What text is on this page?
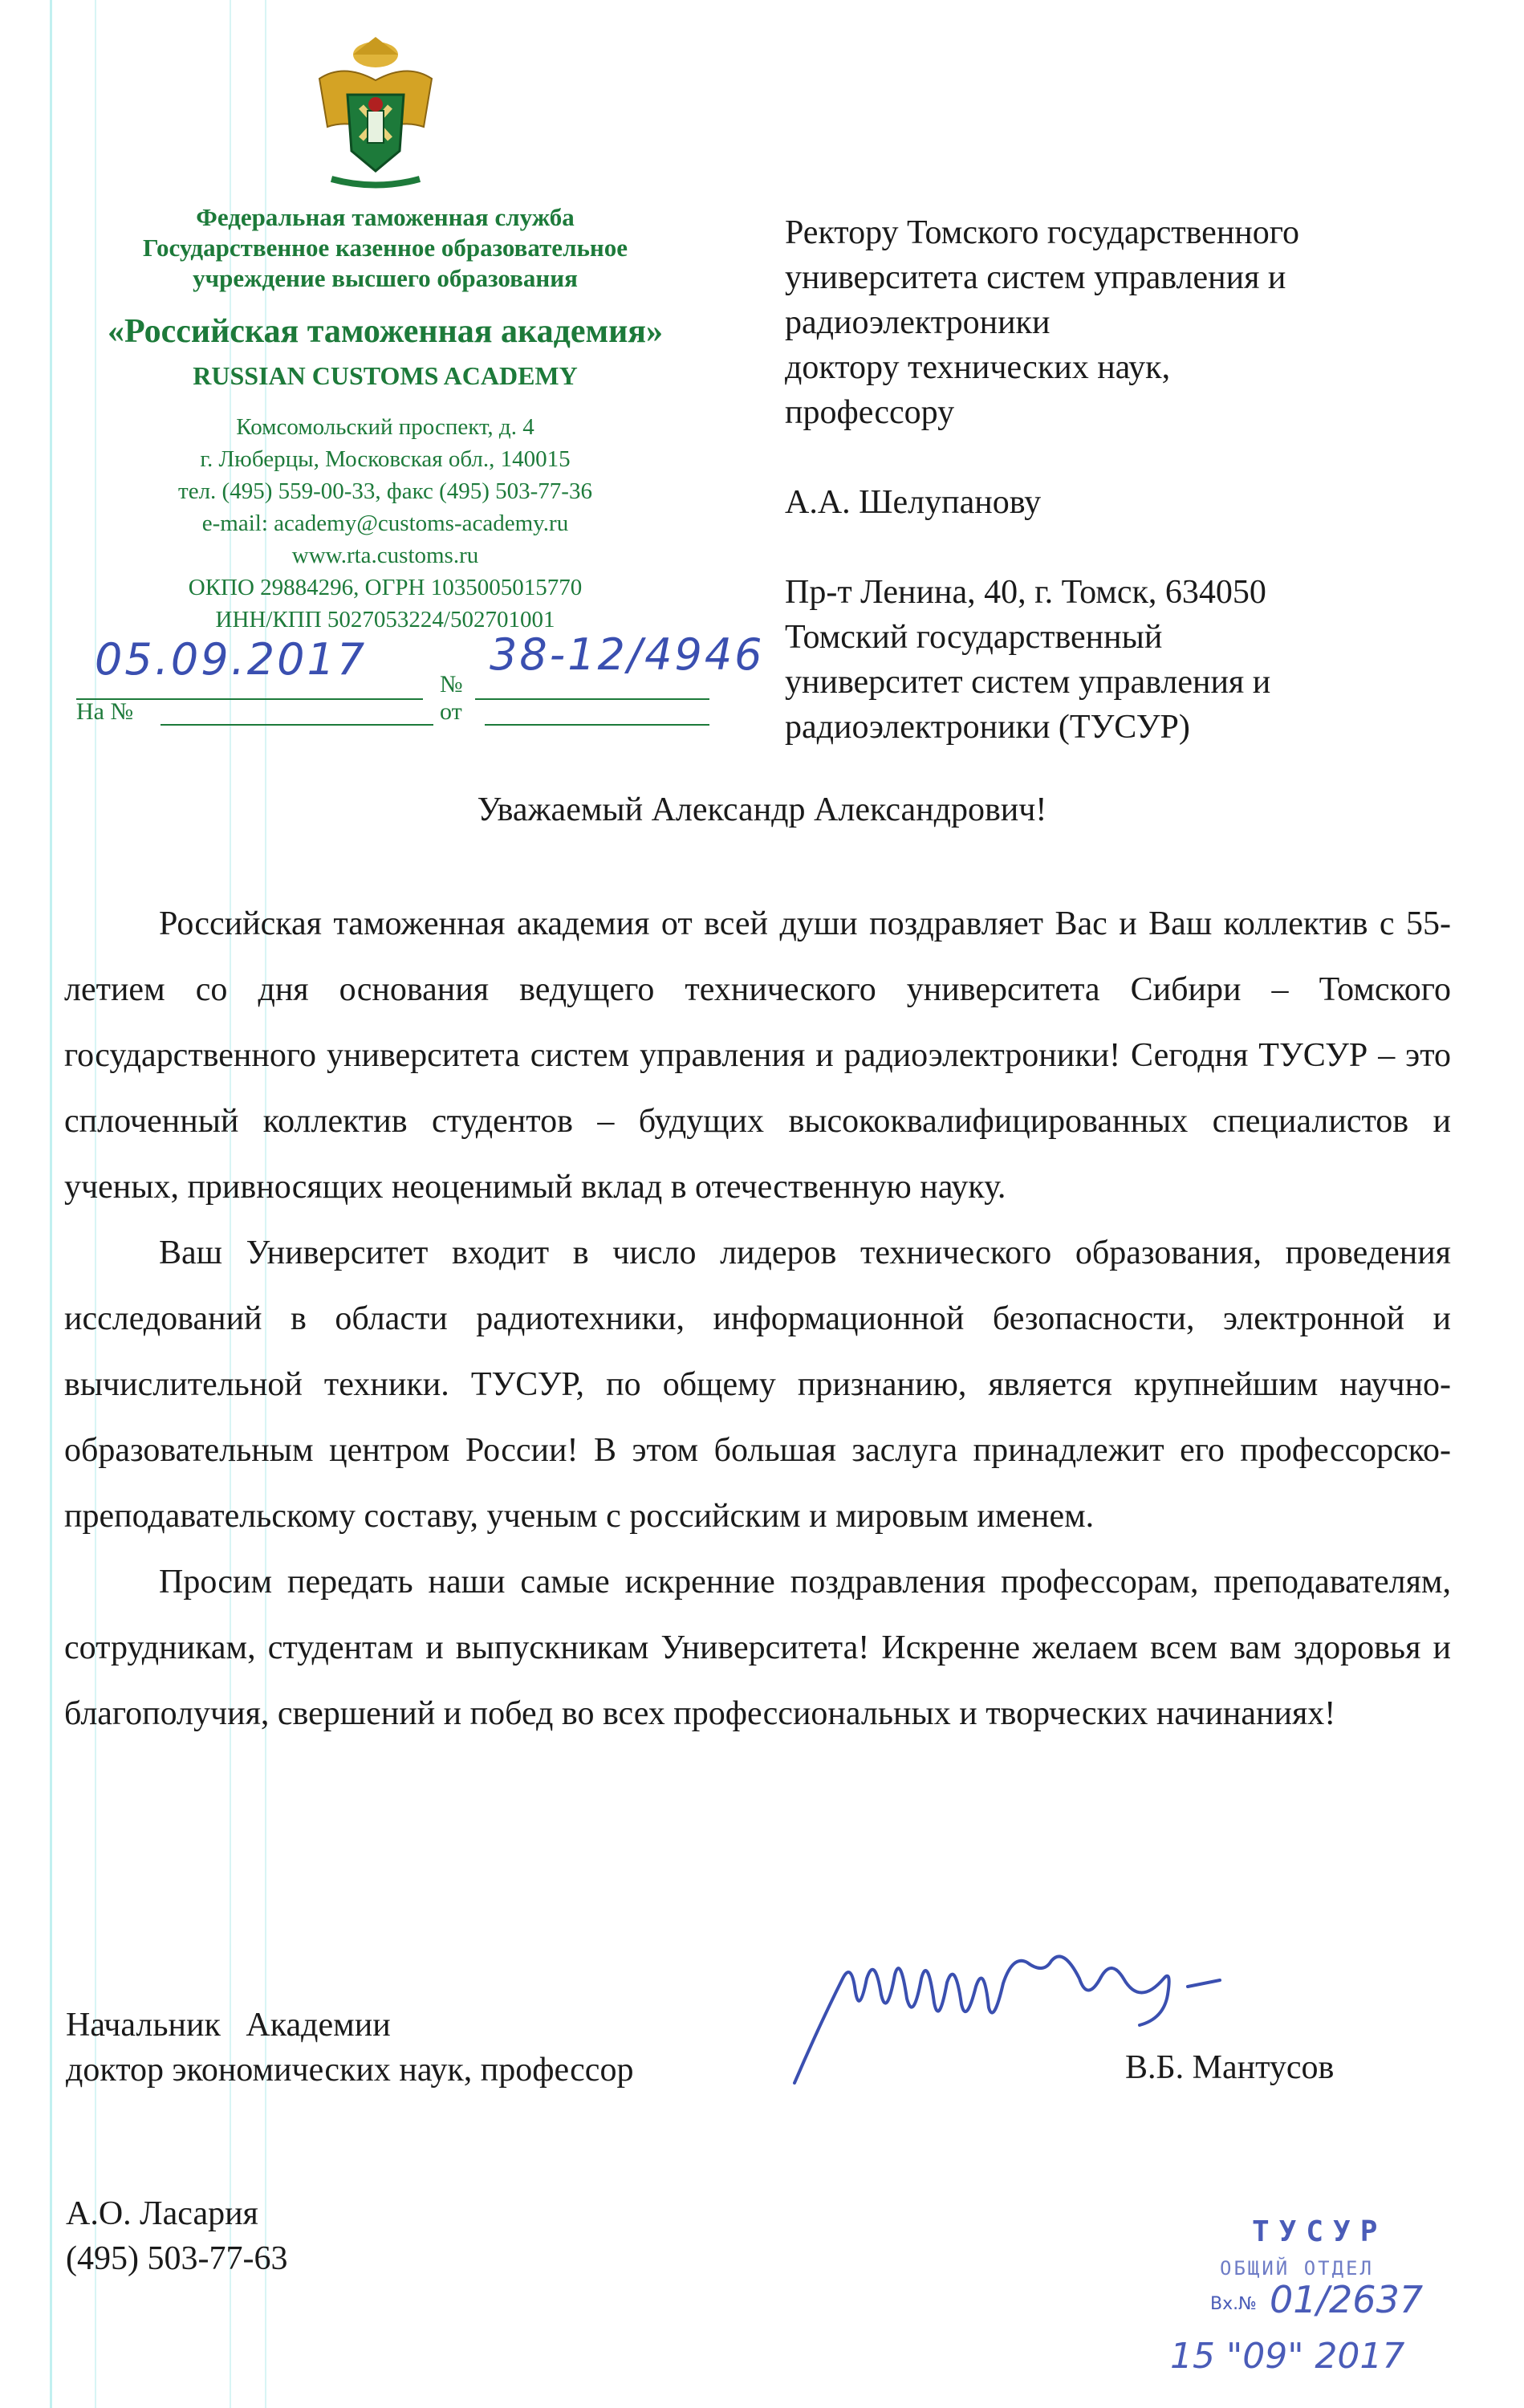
Федеральная таможенная служба
Государственное казенное образовательное
учреждение высшего образования
«Российская таможенная академия»
RUSSIAN CUSTOMS ACADEMY
Комсомольский проспект, д. 4
г. Люберцы, Московская обл., 140015
тел. (495) 559-00-33, факс (495) 503-77-36
e-mail: academy@customs-academy.ru
www.rta.customs.ru
ОКПО 29884296, ОГРН 1035005015770
ИНН/КПП 5027053224/502701001
№
05.09.2017	38-12/4946
На №	от

Ректору Томского государственного

университета систем управления и

радиоэлектроники

доктору технических наук,

профессору

А.А. Шелупанову

Пр-т Ленина, 40, г. Томск, 634050

Томский государственный

университет систем управления и

радиоэлектроники (ТУСУР)

Уважаемый Александр Александрович!

Российская таможенная академия от всей души поздравляет Вас и Ваш коллектив с 55-летием со дня основания ведущего технического университета Сибири – Томского государственного университета систем управления и радиоэлектроники! Сегодня ТУСУР – это сплоченный коллектив студентов – будущих высококвалифицированных специалистов и ученых, привносящих неоценимый вклад в отечественную науку.

Ваш Университет входит в число лидеров технического образования, проведения исследований в области радиотехники, информационной безопасности, электронной и вычислительной техники. ТУСУР, по общему признанию, является крупнейшим научно-образовательным центром России! В этом большая заслуга принадлежит его профессорско-преподавательскому составу, ученым с российским и мировым именем.

Просим передать наши самые искренние поздравления профессорам, преподавателям, сотрудникам, студентам и выпускникам Университета! Искренне желаем всем вам здоровья и благополучия, свершений и побед во всех профессиональных и творческих начинаниях!

Начальник   Академии
доктор экономических наук, профессор	В.Б. Мантусов
А.О. Ласария
(495) 503-77-63
ТУСУР
ОБЩИЙ ОТДЕЛ
Вх.№ 01/2637
15 "09" 2017
